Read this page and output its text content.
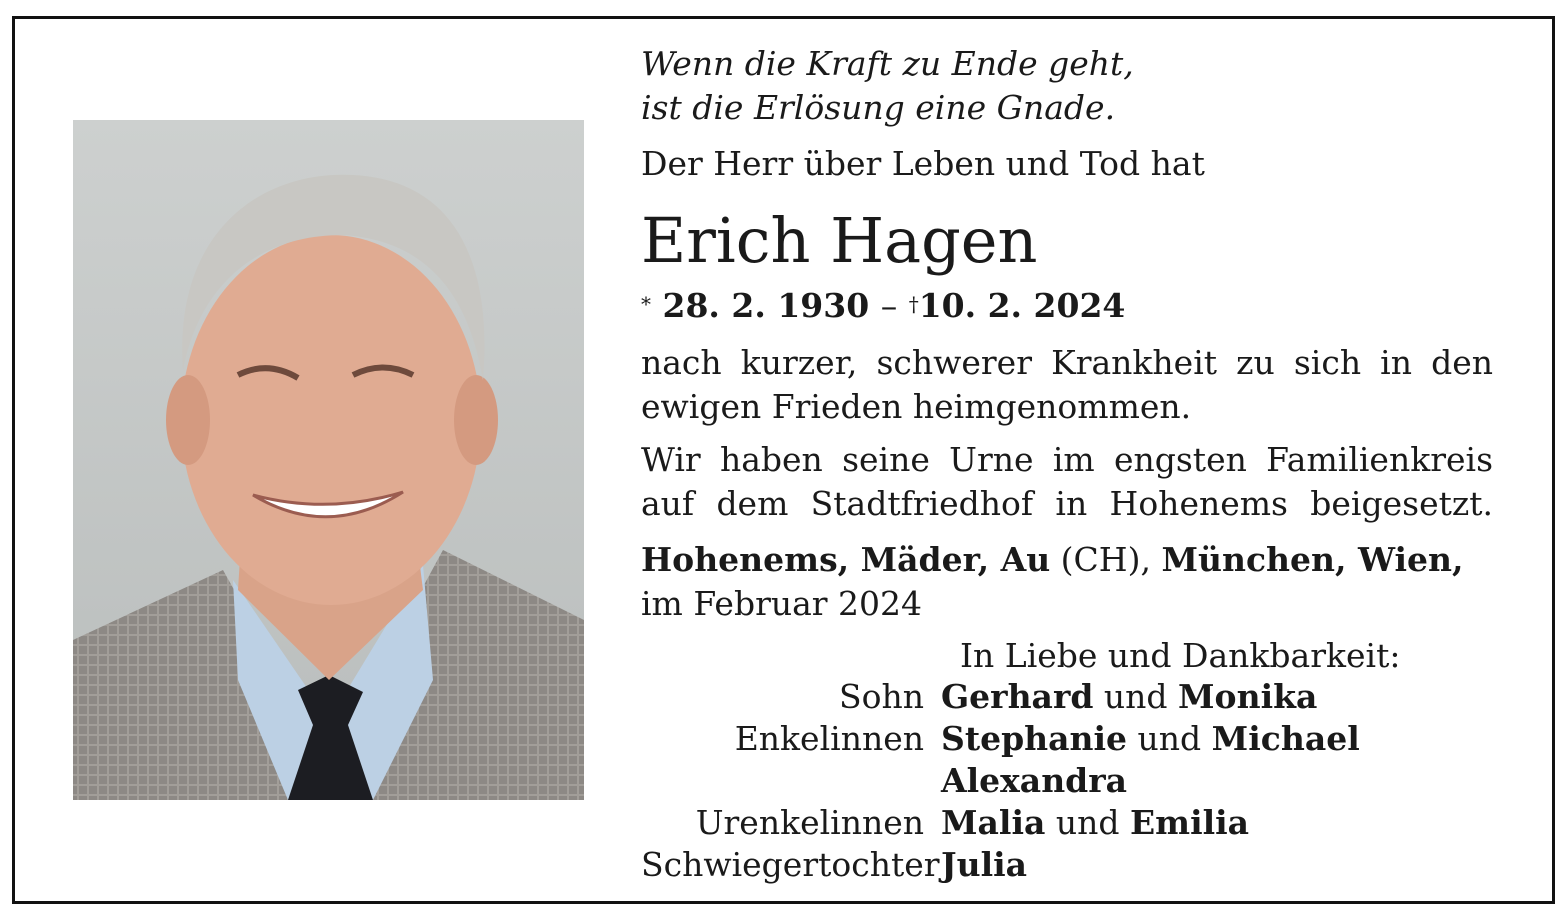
Wenn die Kraft zu Ende geht,
ist die Erlösung eine Gnade.
Der Herr über Leben und Tod hat
Erich Hagen
* 28. 2. 1930 – †10. 2. 2024
nach kurzer, schwerer Krankheit zu sich in den
ewigen Frieden heimgenommen.
Wir haben seine Urne im engsten Familienkreis
auf dem Stadtfriedhof in Hohenems beigesetzt.
Hohenems, Mäder, Au (CH), München, Wien,
im Februar 2024
In Liebe und Dankbarkeit:
Sohn Gerhard und Monika
Enkelinnen Stephanie und Michael
Alexandra
Urenkelinnen Malia und Emilia
Schwiegertochter Julia
